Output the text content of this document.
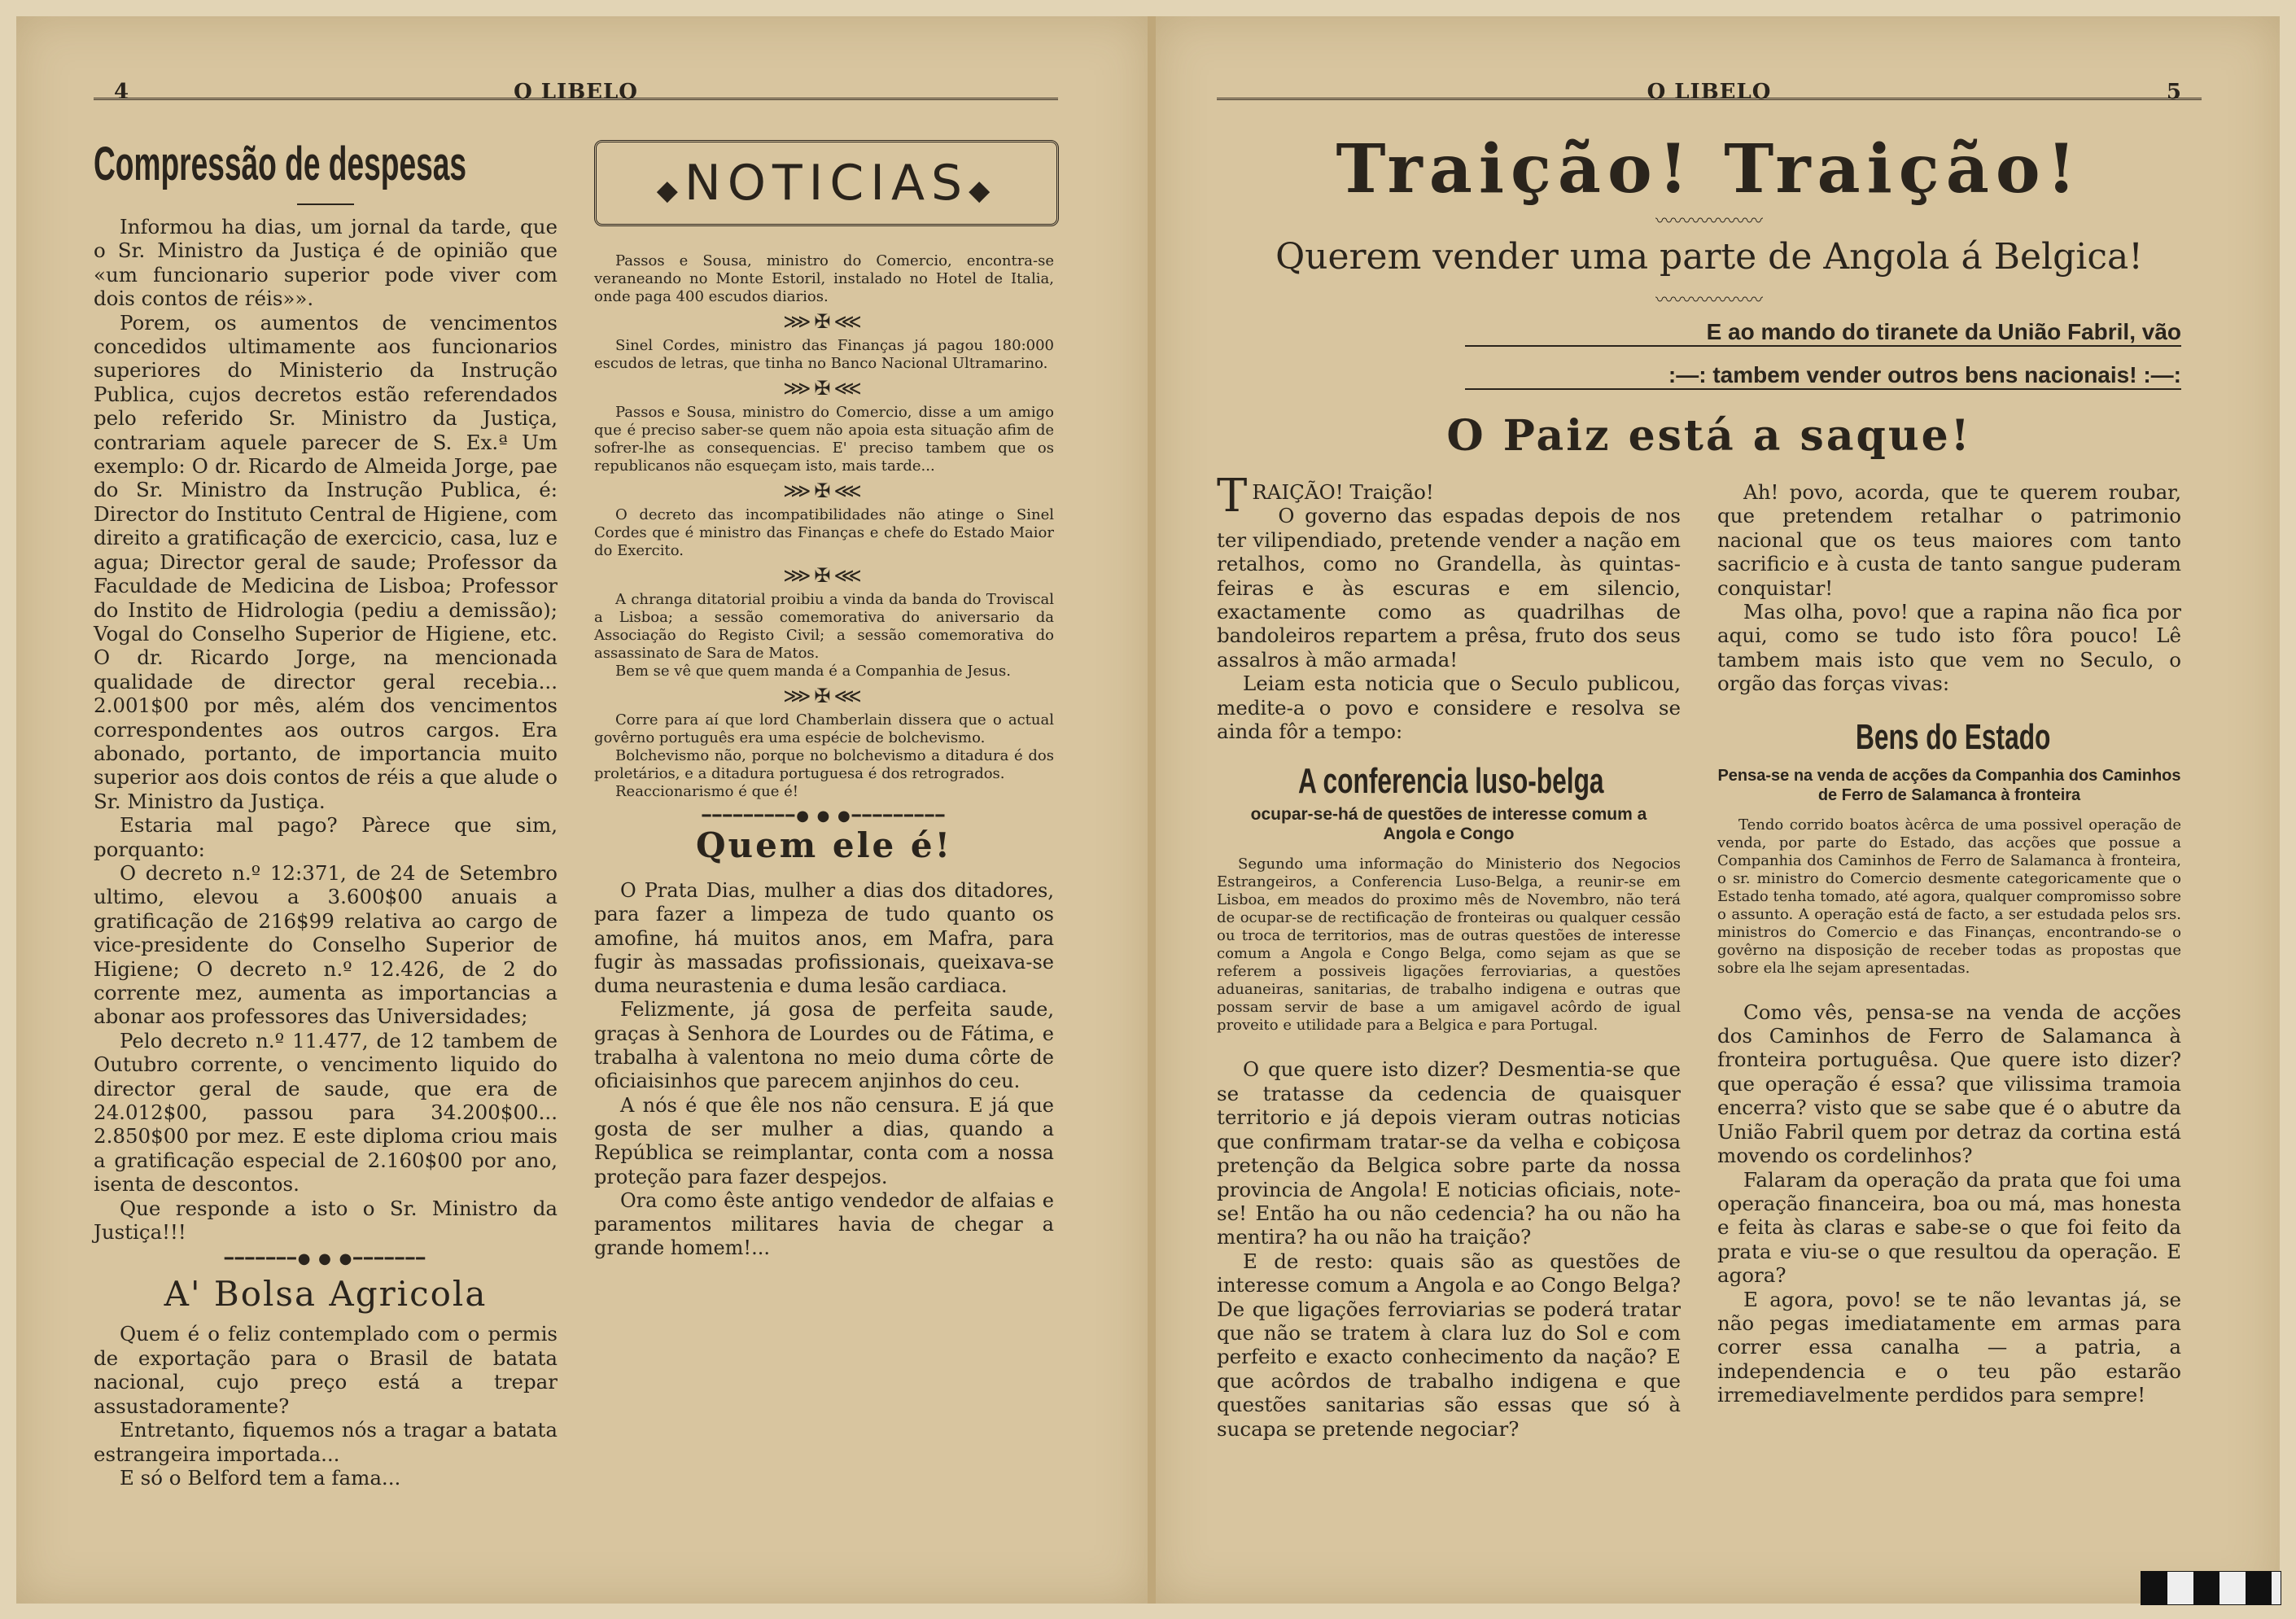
4	O LIBELO
Compressão de despesas

Informou ha dias, um jornal da tarde, que o Sr. Ministro da Justiça é de opinião que «um funcionario superior pode viver com dois contos de réis»».

Porem, os aumentos de vencimentos concedidos ultimamente aos funcionarios superiores do Ministerio da Instrução Publica, cujos decretos estão referendados pelo referido Sr. Ministro da Justiça, contrariam aquele parecer de S. Ex.ª Um exemplo: O dr. Ricardo de Almeida Jorge, pae do Sr. Ministro da Instrução Publica, é: Director do Instituto Central de Higiene, com direito a gratificação de exercicio, casa, luz e agua; Director geral de saude; Professor da Faculdade de Medicina de Lisboa; Professor do Instito de Hidrologia (pediu a demissão); Vogal do Conselho Superior de Higiene, etc. O dr. Ricardo Jorge, na mencionada qualidade de director geral recebia... 2.001$00 por mês, além dos vencimentos correspondentes aos outros cargos. Era abonado, portanto, de importancia muito superior aos dois contos de réis a que alude o Sr. Ministro da Justiça.

Estaria mal pago? Pàrece que sim, porquanto:

O decreto n.º 12:371, de 24 de Setembro ultimo, elevou a 3.600$00 anuais a gratificação de 216$99 relativa ao cargo de vice-presidente do Conselho Superior de Higiene; O decreto n.º 12.426, de 2 do corrente mez, aumenta as importancias a abonar aos professores das Universidades;

Pelo decreto n.º 11.477, de 12 tambem de Outubro corrente, o vencimento liquido do director geral de saude, que era de 24.012$00, passou para 34.200$00... 2.850$00 por mez. E este diploma criou mais a gratificação especial de 2.160$00 por ano, isenta de descontos.

Que responde a isto o Sr. Ministro da Justiça!!!

━━━━━━━● ● ●━━━━━━━
A' Bolsa Agricola

Quem é o feliz contemplado com o permis de exportação para o Brasil de batata nacional, cujo preço está a trepar assustadoramente?

Entretanto, fiquemos nós a tragar a batata estrangeira importada...

E só o Belford tem a fama...

◆NOTICIAS◆

Passos e Sousa, ministro do Comercio, encontra-se veraneando no Monte Estoril, instalado no Hotel de Italia, onde paga 400 escudos diarios.

⋙✠⋘

Sinel Cordes, ministro das Finanças já pagou 180:000 escudos de letras, que tinha no Banco Nacional Ultramarino.

⋙✠⋘

Passos e Sousa, ministro do Comercio, disse a um amigo que é preciso saber-se quem não apoia esta situação afim de sofrer-lhe as consequencias. E' preciso tambem que os republicanos não esqueçam isto, mais tarde...

⋙✠⋘

O decreto das incompatibilidades não atinge o Sinel Cordes que é ministro das Finanças e chefe do Estado Maior do Exercito.

⋙✠⋘

A chranga ditatorial proibiu a vinda da banda do Troviscal a Lisboa; a sessão comemorativa do aniversario da Associação do Registo Civil; a sessão comemorativa do assassinato de Sara de Matos.

Bem se vê que quem manda é a Companhia de Jesus.

⋙✠⋘

Corre para aí que lord Chamberlain dissera que o actual govêrno português era uma espécie de bolchevismo.

Bolchevismo não, porque no bolchevismo a ditadura é dos proletários, e a ditadura portuguesa é dos retrogrados.

Reaccionarismo é que é!

━━━━━━━━━● ● ●━━━━━━━━━
Quem ele é!

O Prata Dias, mulher a dias dos ditadores, para fazer a limpeza de tudo quanto os amofine, há muitos anos, em Mafra, para fugir às massadas profissionais, queixava-se duma neurastenia e duma lesão cardiaca.

Felizmente, já gosa de perfeita saude, graças à Senhora de Lourdes ou de Fátima, e trabalha à valentona no meio duma côrte de oficiaisinhos que parecem anjinhos do ceu.

A nós é que êle nos não censura. E já que gosta de ser mulher a dias, quando a República se reimplantar, conta com a nossa proteção para fazer despejos.

Ora como êste antigo vendedor de alfaias e paramentos militares havia de chegar a grande homem!...

O LIBELO	5
Traição! Traição!
〰〰〰〰〰〰
Querem vender uma parte de Angola á Belgica!
〰〰〰〰〰〰
E ao mando do tiranete da União Fabril, vão
:—: tambem vender outros bens nacionais! :—:
O Paiz está a saque!

TRAIÇÃO! Traição!

O governo das espadas depois de nos ter vilipendiado, pretende vender a nação em retalhos, como no Grandella, às quintas-feiras e às escuras e em silencio, exactamente como as quadrilhas de bandoleiros repartem a prêsa, fruto dos seus assalros à mão armada!

Leiam esta noticia que o Seculo publicou, medite-a o povo e considere e resolva se ainda fôr a tempo:

A conferencia luso-belga
ocupar-se-há de questões de interesse comum a Angola e Congo

Segundo uma informação do Ministerio dos Negocios Estrangeiros, a Conferencia Luso-Belga, a reunir-se em Lisboa, em meados do proximo mês de Novembro, não terá de ocupar-se de rectificação de fronteiras ou qualquer cessão ou troca de territorios, mas de outras questões de interesse comum a Angola e Congo Belga, como sejam as que se referem a possiveis ligações ferroviarias, a questões aduaneiras, sanitarias, de trabalho indigena e outras que possam servir de base a um amigavel acôrdo de igual proveito e utilidade para a Belgica e para Portugal.

O que quere isto dizer? Desmentia-se que se tratasse da cedencia de quaisquer territorio e já depois vieram outras noticias que confirmam tratar-se da velha e cobiçosa pretenção da Belgica sobre parte da nossa provincia de Angola! E noticias oficiais, note-se! Então ha ou não cedencia? ha ou não ha mentira? ha ou não ha traição?

E de resto: quais são as questões de interesse comum a Angola e ao Congo Belga? De que ligações ferroviarias se poderá tratar que não se tratem à clara luz do Sol e com perfeito e exacto conhecimento da nação? E que acôrdos de trabalho indigena e que questões sanitarias são essas que só à sucapa se pretende negociar?

Ah! povo, acorda, que te querem roubar, que pretendem retalhar o patrimonio nacional que os teus maiores com tanto sacrificio e à custa de tanto sangue puderam conquistar!

Mas olha, povo! que a rapina não fica por aqui, como se tudo isto fôra pouco! Lê tambem mais isto que vem no Seculo, o orgão das forças vivas:

Bens do Estado
Pensa-se na venda de acções da Companhia dos Caminhos de Ferro de Salamanca à fronteira

Tendo corrido boatos àcêrca de uma possivel operação de venda, por parte do Estado, das acções que possue a Companhia dos Caminhos de Ferro de Salamanca à fronteira, o sr. ministro do Comercio desmente categoricamente que o Estado tenha tomado, até agora, qualquer compromisso sobre o assunto. A operação está de facto, a ser estudada pelos srs. ministros do Comercio e das Finanças, encontrando-se o govêrno na disposição de receber todas as propostas que sobre ela lhe sejam apresentadas.

Como vês, pensa-se na venda de acções dos Caminhos de Ferro de Salamanca à fronteira portuguêsa. Que quere isto dizer? que operação é essa? que vilissima tramoia encerra? visto que se sabe que é o abutre da União Fabril quem por detraz da cortina está movendo os cordelinhos?

Falaram da operação da prata que foi uma operação financeira, boa ou má, mas honesta e feita às claras e sabe-se o que foi feito da prata e viu-se o que resultou da operação. E agora?

E agora, povo! se te não levantas já, se não pegas imediatamente em armas para correr essa canalha — a patria, a independencia e o teu pão estarão irremediavelmente perdidos para sempre!
